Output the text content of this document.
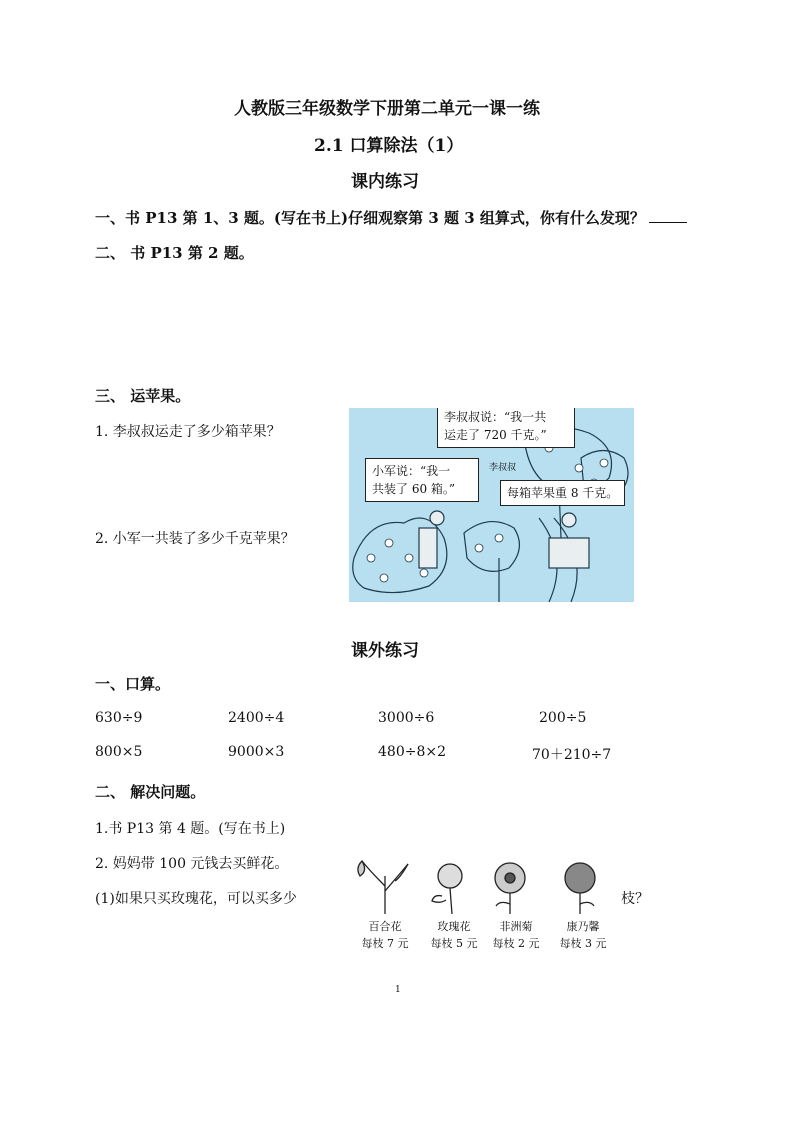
人教版三年级数学下册第二单元一课一练
2.1 口算除法（1）
课内练习
一、书 P13 第 1、3 题。(写在书上)仔细观察第 3 题 3 组算式，你有什么发现？
二、 书 P13 第 2 题。
三、 运苹果。
1. 李叔叔运走了多少箱苹果？
2. 小军一共装了多少千克苹果？
李叔叔说：“我一共
运走了 720 千克。”
小军说：“我一
共装了 60 箱。”	每箱苹果重 8 千克。
李叔叔
课外练习
一、口算。
630÷9	2400÷4	3000÷6	200÷5
800×5	9000×3	480÷8×2	70＋210÷7
二、 解决问题。
1.书 P13 第 4 题。(写在书上)
2. 妈妈带 100 元钱去买鲜花。
(1)如果只买玫瑰花，可以买多少	枝？
百合花
每枝 7 元
玫瑰花
每枝 5 元
非洲菊
每枝 2 元
康乃馨
每枝 3 元
1
